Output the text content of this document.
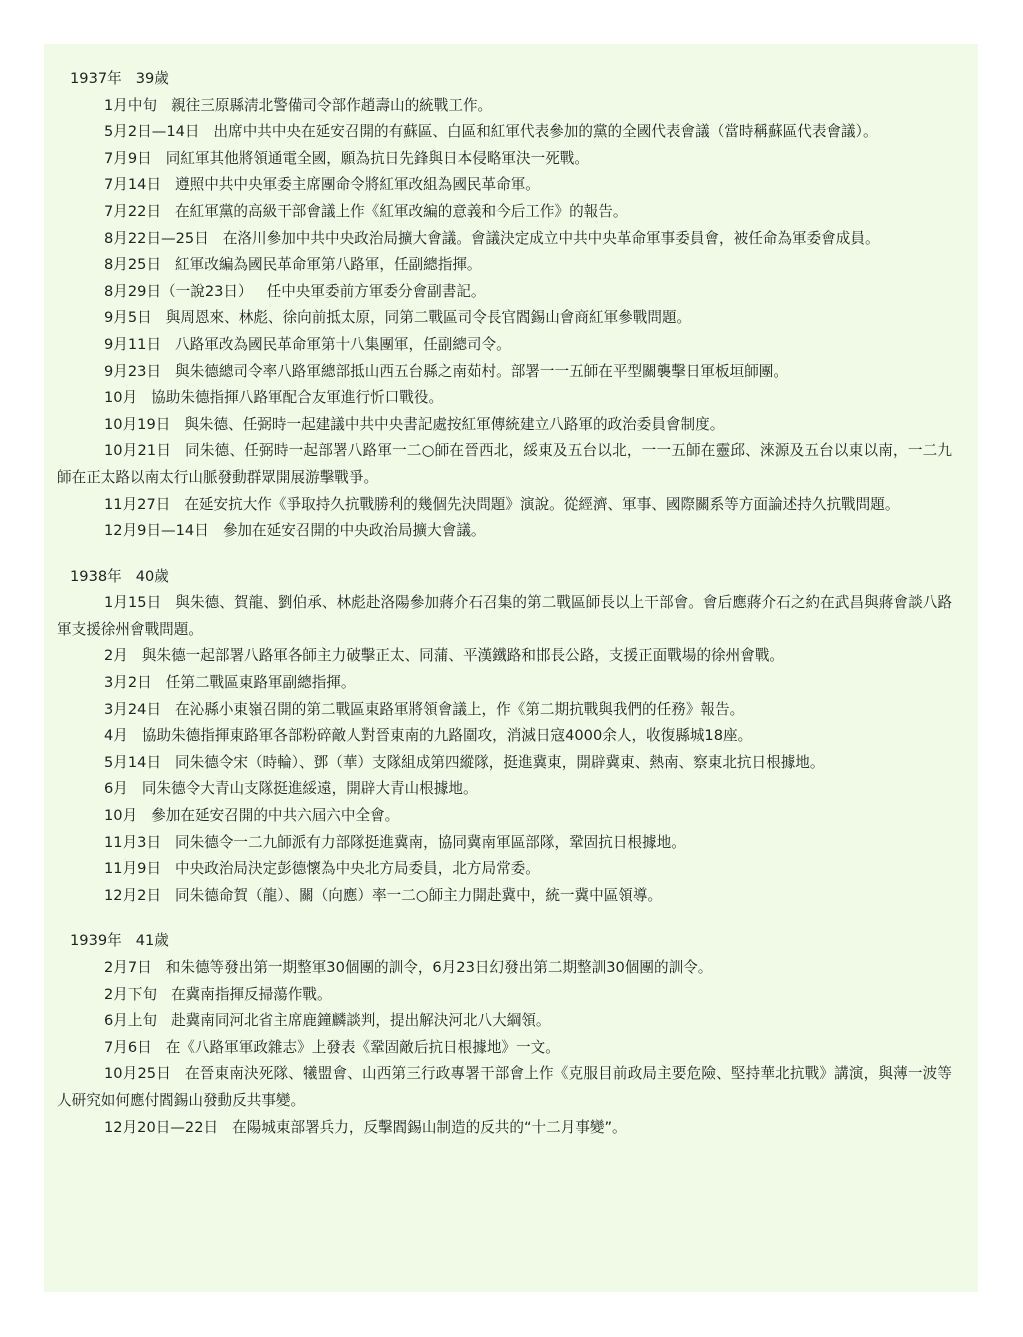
1937年 39歲

1月中旬 親往三原縣淸北警備司令部作趙壽山的統戰工作。

5月2日—14日 出席中共中央在延安召開的有蘇區、白區和紅軍代表參加的黨的全國代表會議（當時稱蘇區代表會議）。

7月9日 同紅軍其他將領通電全國，願為抗日先鋒與日本侵略軍決一死戰。

7月14日 遵照中共中央軍委主席團命令將紅軍改組為國民革命軍。

7月22日 在紅軍黨的高級干部會議上作《紅軍改編的意義和今后工作》的報告。

8月22日—25日 在洛川參加中共中央政治局擴大會議。會議決定成立中共中央革命軍事委員會，被任命為軍委會成員。

8月25日 紅軍改編為國民革命軍第八路軍，任副總指揮。

8月29日（一說23日） 任中央軍委前方軍委分會副書記。

9月5日 與周恩來、林彪、徐向前抵太原，同第二戰區司令長官閻錫山會商紅軍參戰問題。

9月11日 八路軍改為國民革命軍第十八集團軍，任副總司令。

9月23日 與朱德總司令率八路軍總部抵山西五台縣之南茹村。部署一一五師在平型關襲擊日軍板垣師團。

10月 協助朱德指揮八路軍配合友軍進行忻口戰役。

10月19日 與朱德、任弼時一起建議中共中央書記處按紅軍傳統建立八路軍的政治委員會制度。

10月21日 同朱德、任弼時一起部署八路軍一二○師在晉西北，綏東及五台以北，一一五師在靈邱、淶源及五台以東以南，一二九師在正太路以南太行山脈發動群眾開展游擊戰爭。

11月27日 在延安抗大作《爭取持久抗戰勝利的幾個先決問題》演說。從經濟、軍事、國際關系等方面論述持久抗戰問題。

12月9日—14日 參加在延安召開的中央政治局擴大會議。

1938年 40歲

1月15日 與朱德、賀龍、劉伯承、林彪赴洛陽參加蔣介石召集的第二戰區師長以上干部會。會后應蔣介石之約在武昌與蔣會談八路軍支援徐州會戰問題。

2月 與朱德一起部署八路軍各師主力破擊正太、同蒲、平漢鐵路和邯長公路，支援正面戰場的徐州會戰。

3月2日 任第二戰區東路軍副總指揮。

3月24日 在沁縣小東嶺召開的第二戰區東路軍將領會議上，作《第二期抗戰與我們的任務》報告。

4月 協助朱德指揮東路軍各部粉碎敵人對晉東南的九路圍攻，消滅日寇4000余人，收復縣城18座。

5月14日 同朱德令宋（時輪）、鄧（華）支隊組成第四縱隊，挺進冀東，開辟冀東、熱南、察東北抗日根據地。

6月 同朱德令大青山支隊挺進綏遠，開辟大青山根據地。

10月 參加在延安召開的中共六屆六中全會。

11月3日 同朱德令一二九師派有力部隊挺進冀南，協同冀南軍區部隊，鞏固抗日根據地。

11月9日 中央政治局決定彭德懷為中央北方局委員，北方局常委。

12月2日 同朱德命賀（龍）、關（向應）率一二○師主力開赴冀中，統一冀中區領導。

1939年 41歲

2月7日 和朱德等發出第一期整軍30個團的訓令，6月23日幻發出第二期整訓30個團的訓令。

2月下旬 在冀南指揮反掃蕩作戰。

6月上旬 赴冀南同河北省主席鹿鐘麟談判，提出解決河北八大綱領。

7月6日 在《八路軍軍政雜志》上發表《鞏固敵后抗日根據地》一文。

10月25日 在晉東南決死隊、犧盟會、山西第三行政專署干部會上作《克服目前政局主要危險、堅持華北抗戰》講演，與薄一波等人研究如何應付閻錫山發動反共事變。

12月20日—22日 在陽城東部署兵力，反擊閻錫山制造的反共的“十二月事變”。
